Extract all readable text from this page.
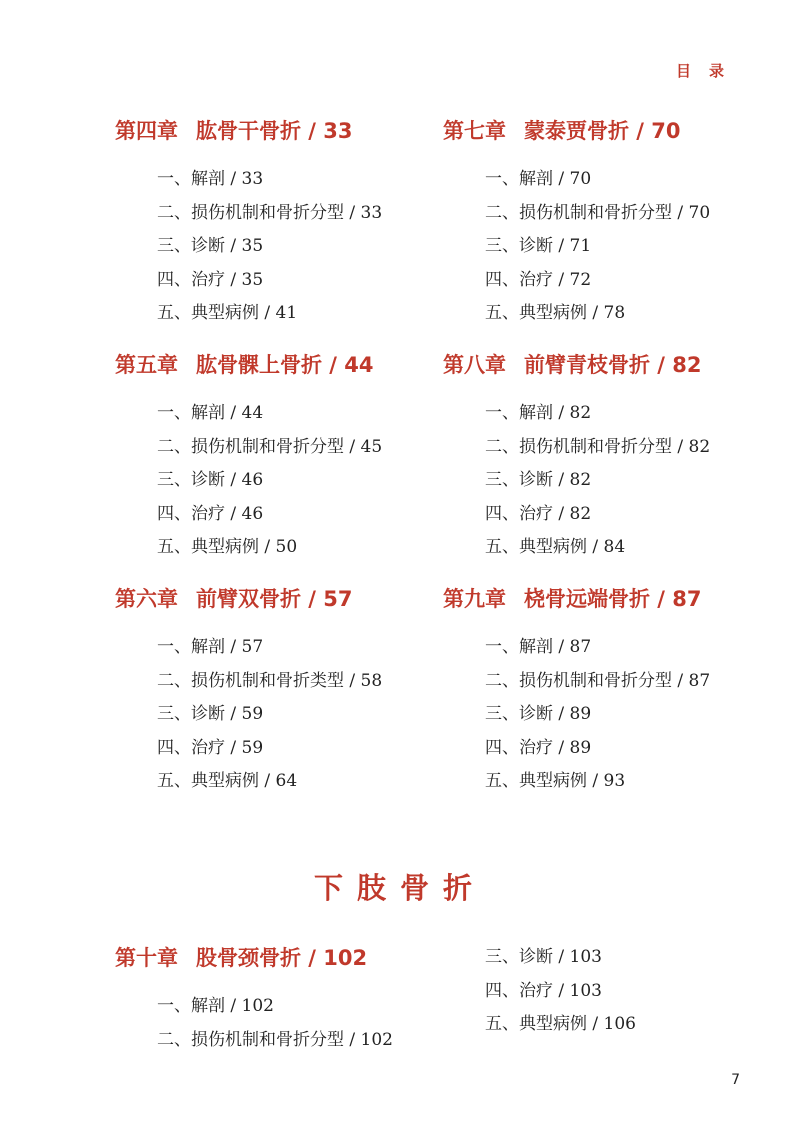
目录
第四章 肱骨干骨折 / 33
一、解剖 / 33
二、损伤机制和骨折分型 / 33
三、诊断 / 35
四、治疗 / 35
五、典型病例 / 41
第七章 蒙泰贾骨折 / 70
一、解剖 / 70
二、损伤机制和骨折分型 / 70
三、诊断 / 71
四、治疗 / 72
五、典型病例 / 78
第五章 肱骨髁上骨折 / 44
一、解剖 / 44
二、损伤机制和骨折分型 / 45
三、诊断 / 46
四、治疗 / 46
五、典型病例 / 50
第八章 前臂青枝骨折 / 82
一、解剖 / 82
二、损伤机制和骨折分型 / 82
三、诊断 / 82
四、治疗 / 82
五、典型病例 / 84
第六章 前臂双骨折 / 57
一、解剖 / 57
二、损伤机制和骨折类型 / 58
三、诊断 / 59
四、治疗 / 59
五、典型病例 / 64
第九章 桡骨远端骨折 / 87
一、解剖 / 87
二、损伤机制和骨折分型 / 87
三、诊断 / 89
四、治疗 / 89
五、典型病例 / 93
下肢骨折
第十章 股骨颈骨折 / 102
一、解剖 / 102
二、损伤机制和骨折分型 / 102
三、诊断 / 103
四、治疗 / 103
五、典型病例 / 106
7
